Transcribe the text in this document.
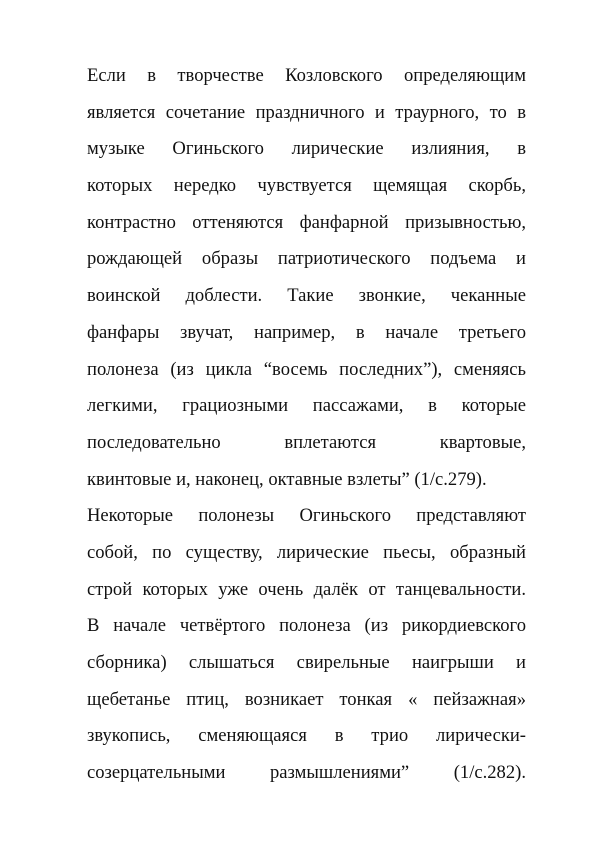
Если в творчестве Козловского определяющим
является сочетание праздничного и траурного, то в
музыке Огиньского лирические излияния, в
которых нередко чувствуется щемящая скорбь,
контрастно оттеняются фанфарной призывностью,
рождающей образы патриотического подъема и
воинской доблести. Такие звонкие, чеканные
фанфары звучат, например, в начале третьего
полонеза (из цикла “восемь последних”), сменяясь
легкими, грациозными пассажами, в которые
последовательно вплетаются квартовые,
квинтовые и, наконец, октавные взлеты” (1/с.279).
Некоторые полонезы Огиньского представляют
собой, по существу, лирические пьесы, образный
строй которых уже очень далёк от танцевальности.
В начале четвёртого полонеза (из рикордиевского
сборника) слышаться свирельные наигрыши и
щебетанье птиц, возникает тонкая « пейзажная»
звукопись, сменяющаяся в трио лирически-
созерцательными размышлениями” (1/с.282).
